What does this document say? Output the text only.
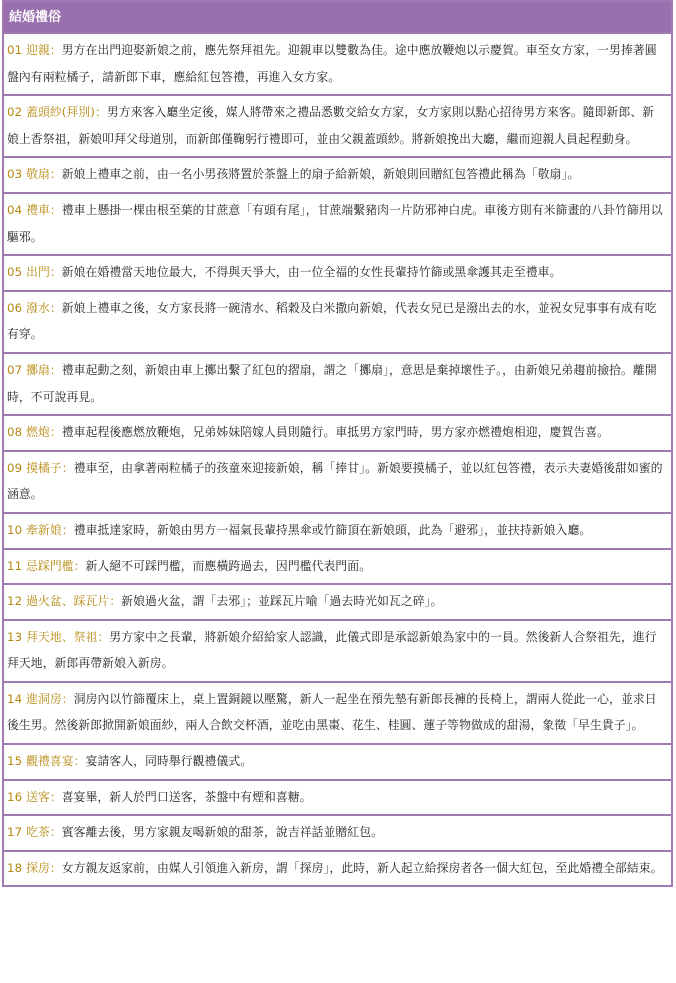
結婚禮俗
01 迎親：男方在出門迎娶新娘之前，應先祭拜祖先。迎親車以雙數為佳。途中應放鞭炮以示慶賀。車至女方家，一男捧著圓盤內有兩粒橘子，請新郎下車，應給紅包答禮，再進入女方家。
02 蓋頭紗(拜別)：男方來客入廳坐定後，媒人將帶來之禮品悉數交給女方家，女方家則以點心招待男方來客。隨即新郎、新娘上香祭祖，新娘叩拜父母道別，而新郎僅鞠躬行禮即可，並由父親蓋頭紗。將新娘挽出大廳，繼而迎親人員起程動身。
03 敬扇：新娘上禮車之前，由一名小男孩將置於茶盤上的扇子給新娘，新娘則回贈紅包答禮此稱為「敬扇」。
04 禮車：禮車上懸掛一棵由根至葉的甘蔗意「有頭有尾」，甘蔗端繫豬肉一片防邪神白虎。車後方則有米篩畫的八卦竹篩用以驅邪。
05 出門：新娘在婚禮當天地位最大，不得與天爭大，由一位全福的女性長輩持竹篩或黑傘護其走至禮車。
06 潑水：新娘上禮車之後，女方家長將一碗清水、稻穀及白米撒向新娘，代表女兒已是潑出去的水，並祝女兒事事有成有吃有穿。
07 擲扇：禮車起動之刻，新娘由車上擲出繫了紅包的摺扇，謂之「擲扇」，意思是棄掉壞性子。，由新娘兄弟趨前撿拾。離開時，不可說再見。
08 燃炮：禮車起程後應燃放鞭炮，兄弟姊妹陪嫁人員則隨行。車抵男方家門時，男方家亦燃禮炮相迎，慶賀告喜。
09 摸橘子：禮車至，由拿著兩粒橘子的孩童來迎接新娘，稱「捧甘」。新娘要摸橘子，並以紅包答禮，表示夫妻婚後甜如蜜的涵意。
10 牽新娘：禮車抵達家時，新娘由男方一福氣長輩持黑傘或竹篩頂在新娘頭，此為「避邪」，並扶持新娘入廳。
11 忌踩門檻：新人絕不可踩門檻，而應橫跨過去，因門檻代表門面。
12 過火盆、踩瓦片：新娘過火盆，謂「去邪」；並踩瓦片喻「過去時光如瓦之碎」。
13 拜天地、祭祖：男方家中之長輩，將新娘介紹給家人認識，此儀式即是承認新娘為家中的一員。然後新人合祭祖先，進行拜天地，新郎再帶新娘入新房。
14 進洞房：洞房內以竹篩覆床上，桌上置銅鏡以壓驚，新人一起坐在預先墊有新郎長褲的長椅上，謂兩人從此一心，並求日後生男。然後新郎掀開新娘面紗，兩人合飲交杯酒，並吃由黑棗、花生、桂圓、蓮子等物做成的甜湯，象徵「早生貴子」。
15 觀禮喜宴：宴請客人，同時舉行觀禮儀式。
16 送客：喜宴畢，新人於門口送客，茶盤中有煙和喜糖。
17 吃茶：賓客離去後，男方家親友喝新娘的甜茶，說吉祥話並贈紅包。
18 探房：女方親友返家前，由媒人引領進入新房，謂「探房」，此時，新人起立給探房者各一個大紅包，至此婚禮全部結束。
